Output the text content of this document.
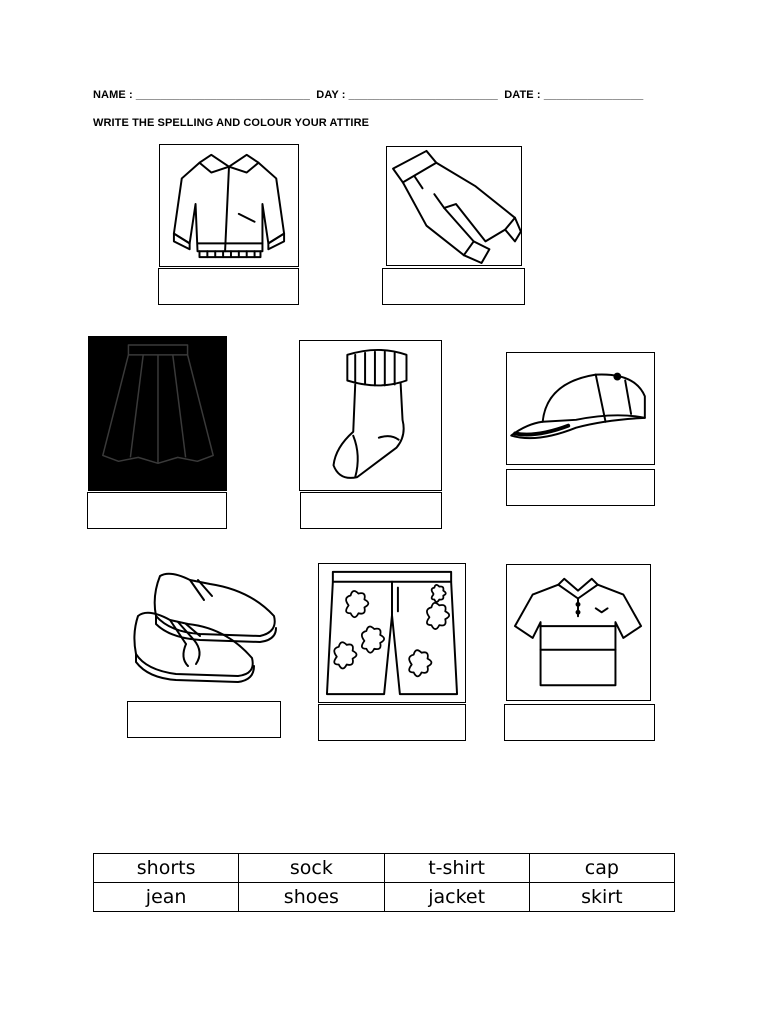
NAME : ____________________________ DAY : ________________________ DATE : ________________
WRITE THE SPELLING AND COLOUR YOUR ATTIRE
shorts	sock	t-shirt	cap
jean	shoes	jacket	skirt
